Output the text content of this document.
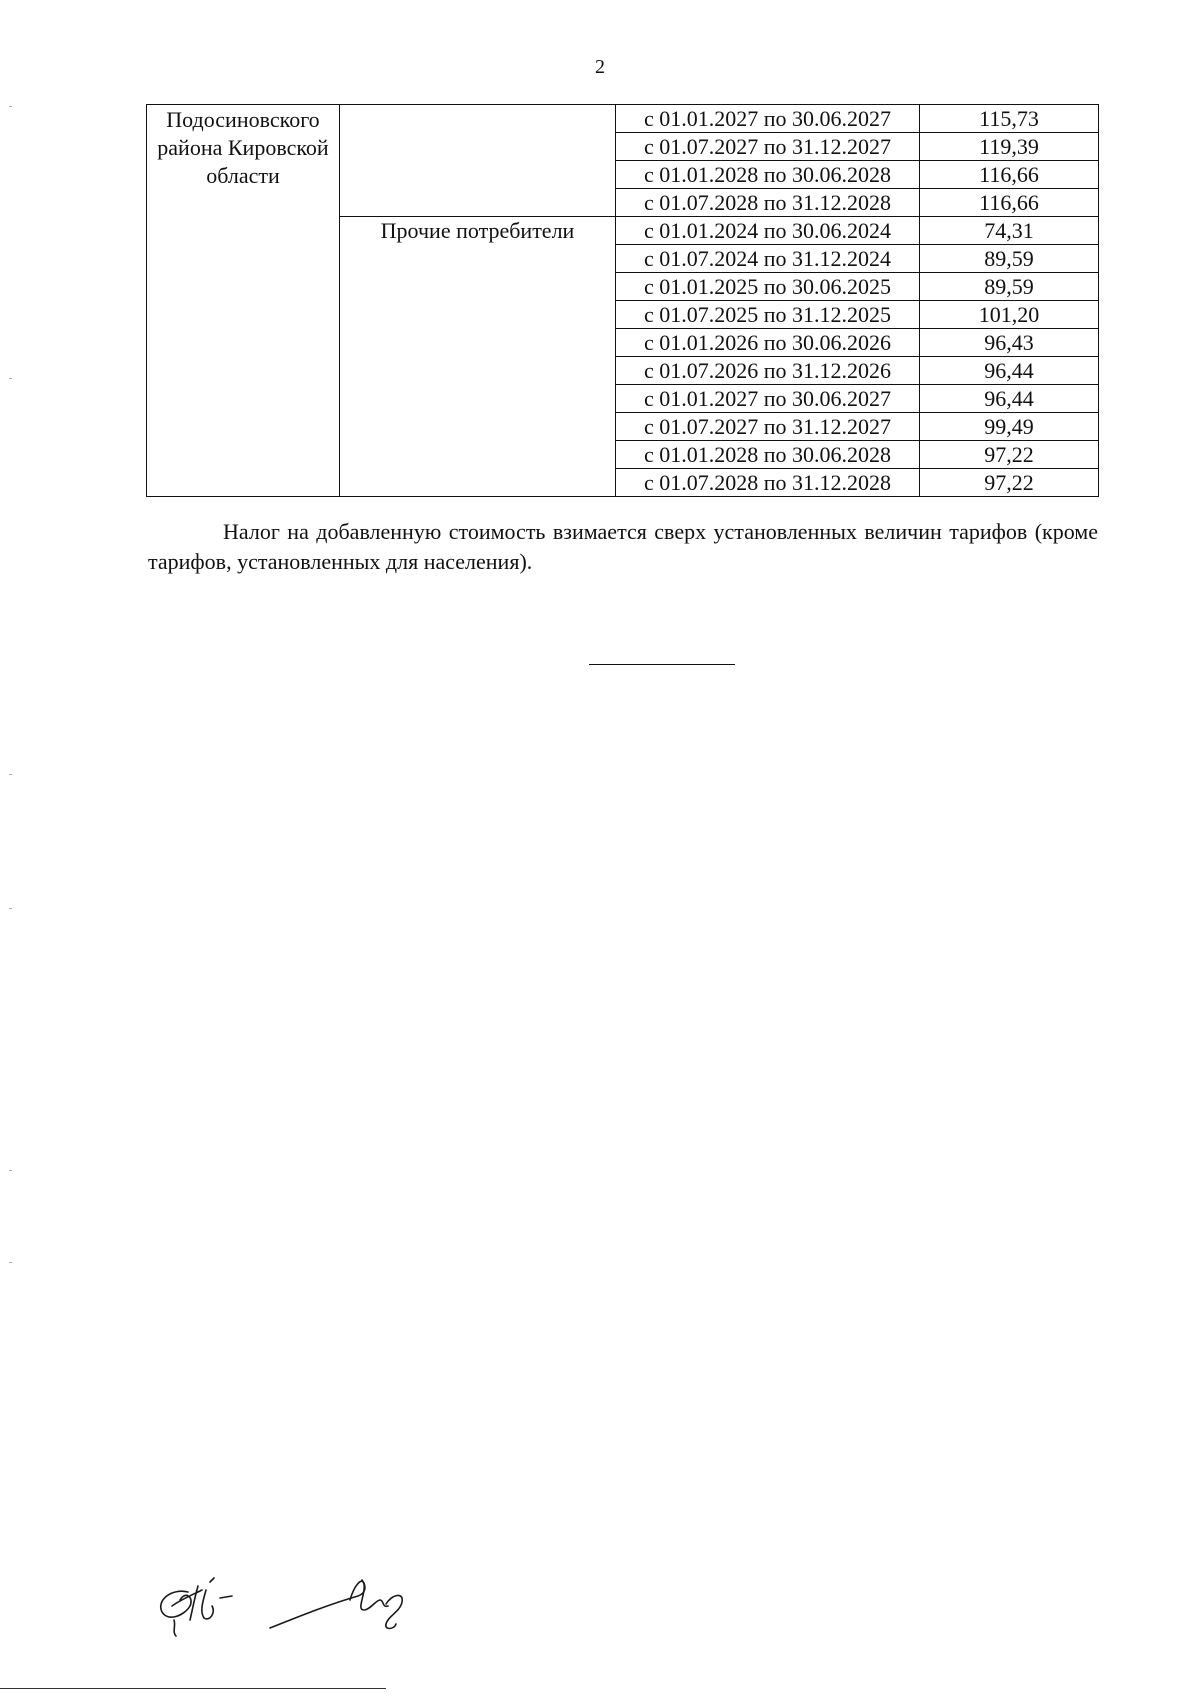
2
Подосиновского района Кировской области		с 01.01.2027 по 30.06.2027	115,73
		с 01.07.2027 по 31.12.2027	119,39
		с 01.01.2028 по 30.06.2028	116,66
		с 01.07.2028 по 31.12.2028	116,66
	Прочие потребители	с 01.01.2024 по 30.06.2024	74,31
		с 01.07.2024 по 31.12.2024	89,59
		с 01.01.2025 по 30.06.2025	89,59
		с 01.07.2025 по 31.12.2025	101,20
		с 01.01.2026 по 30.06.2026	96,43
		с 01.07.2026 по 31.12.2026	96,44
		с 01.01.2027 по 30.06.2027	96,44
		с 01.07.2027 по 31.12.2027	99,49
		с 01.01.2028 по 30.06.2028	97,22
		с 01.07.2028 по 31.12.2028	97,22

Налог на добавленную стоимость взимается сверх установленных величин тарифов (кроме тарифов, установленных для населения).
